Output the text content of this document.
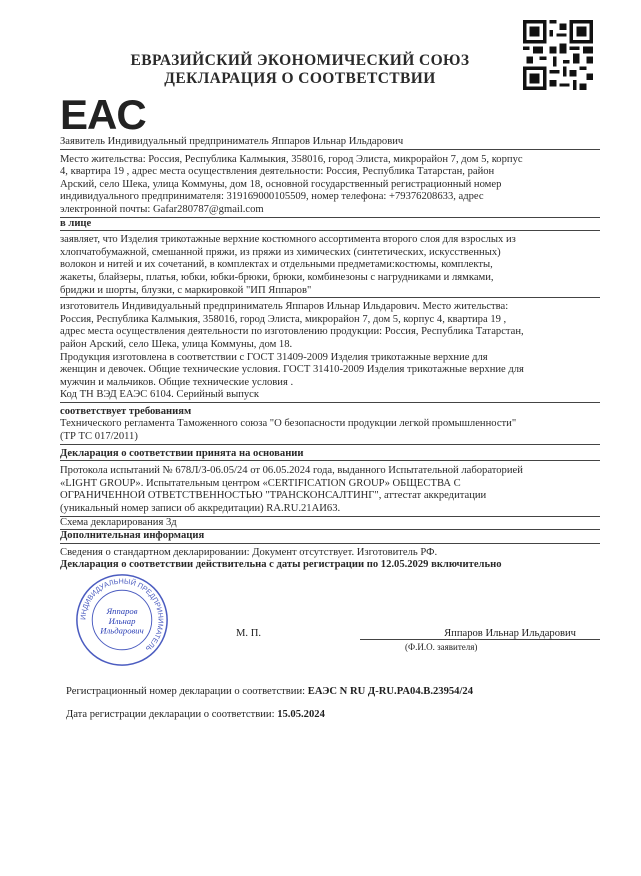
ЕВРАЗИЙСКИЙ ЭКОНОМИЧЕСКИЙ СОЮЗ
ДЕКЛАРАЦИЯ О СООТВЕТСТВИИ
EAC
Заявитель Индивидуальный предприниматель Яппаров Ильнар Ильдарович
Место жительства: Россия, Республика Калмыкия, 358016, город Элиста, микрорайон 7, дом 5, корпус
4, квартира 19 , адрес места осуществления деятельности: Россия, Республика Татарстан, район
Арский, село Шека, улица Коммуны, дом 18, основной государственный регистрационный номер
индивидуального предпринимателя: 319169000105509, номер телефона: +79376208633, адрес
электронной почты: Gafar280787@gmail.com
в лице
заявляет, что Изделия трикотажные верхние костюмного ассортимента второго слоя для взрослых из
хлопчатобумажной, смешанной пряжи, из пряжи из химических (синтетических, искусственных)
волокон и нитей и их сочетаний, в комплектах и отдельными предметами:костюмы, комплекты,
жакеты, блайзеры, платья, юбки, юбки-брюки, брюки, комбинезоны с нагрудниками и лямками,
бриджи и шорты, блузки, с маркировкой "ИП Яппаров"
изготовитель Индивидуальный предприниматель Яппаров Ильнар Ильдарович. Место жительства:
Россия, Республика Калмыкия, 358016, город Элиста, микрорайон 7, дом 5, корпус 4, квартира 19 ,
адрес места осуществления деятельности по изготовлению продукции: Россия, Республика Татарстан,
район Арский, село Шека, улица Коммуны, дом 18.
Продукция изготовлена в соответствии с ГОСТ 31409-2009 Изделия трикотажные верхние для
женщин и девочек. Общие технические условия. ГОСТ 31410-2009 Изделия трикотажные верхние для
мужчин и мальчиков. Общие технические условия .
Код ТН ВЭД ЕАЭС 6104. Серийный выпуск
соответствует требованиям
Технического регламента Таможенного союза "О безопасности продукции легкой промышленности"
(ТР ТС 017/2011)
Декларация о соответствии принята на основании
Протокола испытаний № 678Л/З-06.05/24 от 06.05.2024 года, выданного Испытательной лабораторией
«LIGHT GROUP». Испытательным центром «CERTIFICATION GROUP» ОБЩЕСТВА С
ОГРАНИЧЕННОЙ ОТВЕТСТВЕННОСТЬЮ "ТРАНСКОНСАЛТИНГ", аттестат аккредитации
(уникальный номер записи об аккредитации) RA.RU.21АИ63.
Схема декларирования 3д
Дополнительная информация
Сведения о стандартном декларировании: Документ отсутствует. Изготовитель РФ.
Декларация о соответствии действительна с даты регистрации по 12.05.2029 включительно
ИНДИВИДУАЛЬНЫЙ ПРЕДПРИНИМАТЕЛЬ
Яппаров
Ильнар
Ильдарович	М. П.	Яппаров Ильнар Ильдарович
(Ф.И.О. заявителя)
Регистрационный номер декларации о соответствии: ЕАЭС N RU Д-RU.PA04.B.23954/24
Дата регистрации декларации о соответствии: 15.05.2024
